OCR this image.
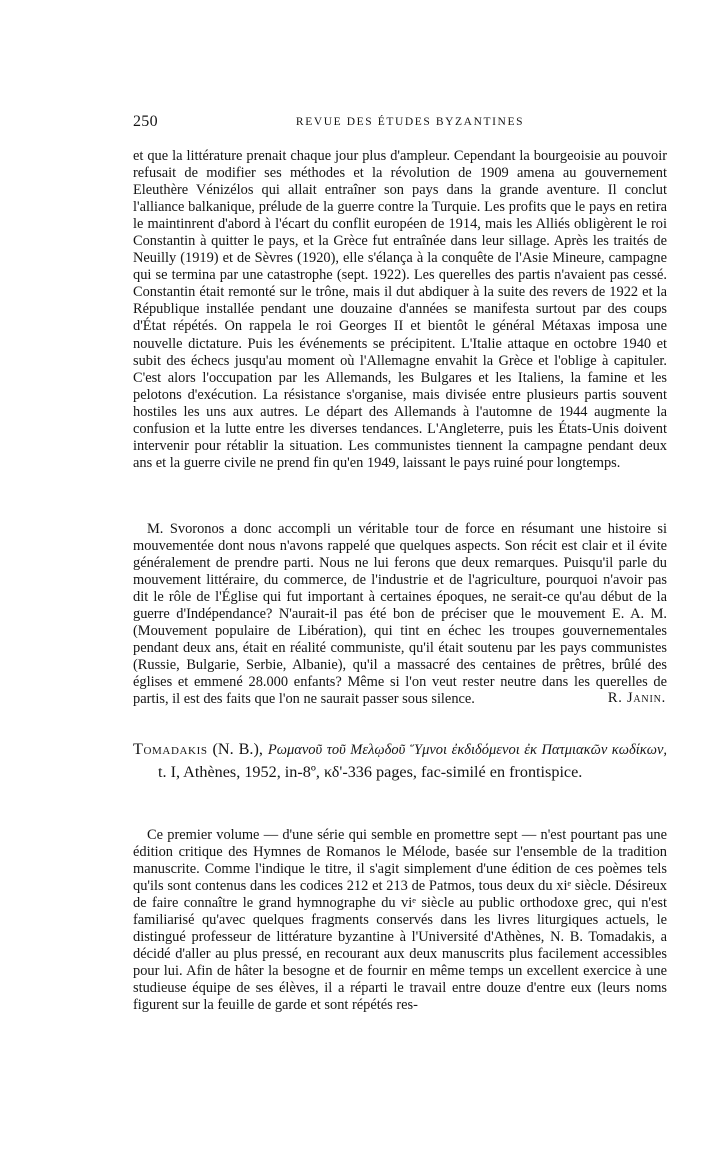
250	REVUE DES ÉTUDES BYZANTINES

et que la littérature prenait chaque jour plus d'ampleur. Cependant la bourgeoisie au pouvoir refusait de modifier ses méthodes et la révolution de 1909 amena au gouvernement Eleuthère Vénizélos qui allait entraîner son pays dans la grande aventure. Il conclut l'alliance balkanique, prélude de la guerre contre la Turquie. Les profits que le pays en retira le maintinrent d'abord à l'écart du conflit européen de 1914, mais les Alliés obligèrent le roi Constantin à quitter le pays, et la Grèce fut entraînée dans leur sillage. Après les traités de Neuilly (1919) et de Sèvres (1920), elle s'élança à la conquête de l'Asie Mineure, campagne qui se termina par une catastrophe (sept. 1922). Les querelles des partis n'avaient pas cessé. Constantin était remonté sur le trône, mais il dut abdiquer à la suite des revers de 1922 et la République installée pendant une douzaine d'années se manifesta surtout par des coups d'État répétés. On rappela le roi Georges II et bientôt le général Métaxas imposa une nouvelle dictature. Puis les événements se précipitent. L'Italie attaque en octobre 1940 et subit des échecs jusqu'au moment où l'Allemagne envahit la Grèce et l'oblige à capituler. C'est alors l'occupation par les Allemands, les Bulgares et les Italiens, la famine et les pelotons d'exécution. La résistance s'organise, mais divisée entre plusieurs partis souvent hostiles les uns aux autres. Le départ des Allemands à l'automne de 1944 augmente la confusion et la lutte entre les diverses tendances. L'Angleterre, puis les États-Unis doivent intervenir pour rétablir la situation. Les communistes tiennent la campagne pendant deux ans et la guerre civile ne prend fin qu'en 1949, laissant le pays ruiné pour longtemps.

M. Svoronos a donc accompli un véritable tour de force en résumant une histoire si mouvementée dont nous n'avons rappelé que quelques aspects. Son récit est clair et il évite généralement de prendre parti. Nous ne lui ferons que deux remarques. Puisqu'il parle du mouvement littéraire, du commerce, de l'industrie et de l'agriculture, pourquoi n'avoir pas dit le rôle de l'Église qui fut important à certaines époques, ne serait-ce qu'au début de la guerre d'Indépendance? N'aurait-il pas été bon de préciser que le mouvement E. A. M. (Mouvement populaire de Libération), qui tint en échec les troupes gouvernementales pendant deux ans, était en réalité communiste, qu'il était soutenu par les pays communistes (Russie, Bulgarie, Serbie, Albanie), qu'il a massacré des centaines de prêtres, brûlé des églises et emmené 28.000 enfants? Même si l'on veut rester neutre dans les querelles de partis, il est des faits que l'on ne saurait passer sous silence.	R. Janin.
Tomadakis (N. B.), Ρωμανοῦ τοῦ Μελῳδοῦ Ὕμνοι ἐκδιδόμενοι ἐκ Πατμιακῶν κωδίκων, t. I, Athènes, 1952, in-8º, κδ'-336 pages, fac-similé en frontispice.

Ce premier volume — d'une série qui semble en promettre sept — n'est pourtant pas une édition critique des Hymnes de Romanos le Mélode, basée sur l'ensemble de la tradition manuscrite. Comme l'indique le titre, il s'agit simplement d'une édition de ces poèmes tels qu'ils sont contenus dans les codices 212 et 213 de Patmos, tous deux du xiᵉ siècle. Désireux de faire connaître le grand hymnographe du viᵉ siècle au public orthodoxe grec, qui n'est familiarisé qu'avec quelques fragments conservés dans les livres liturgiques actuels, le distingué professeur de littérature byzantine à l'Université d'Athènes, N. B. Tomadakis, a décidé d'aller au plus pressé, en recourant aux deux manuscrits plus facilement accessibles pour lui. Afin de hâter la besogne et de fournir en même temps un excellent exercice à une studieuse équipe de ses élèves, il a réparti le travail entre douze d'entre eux (leurs noms figurent sur la feuille de garde et sont répétés res-
